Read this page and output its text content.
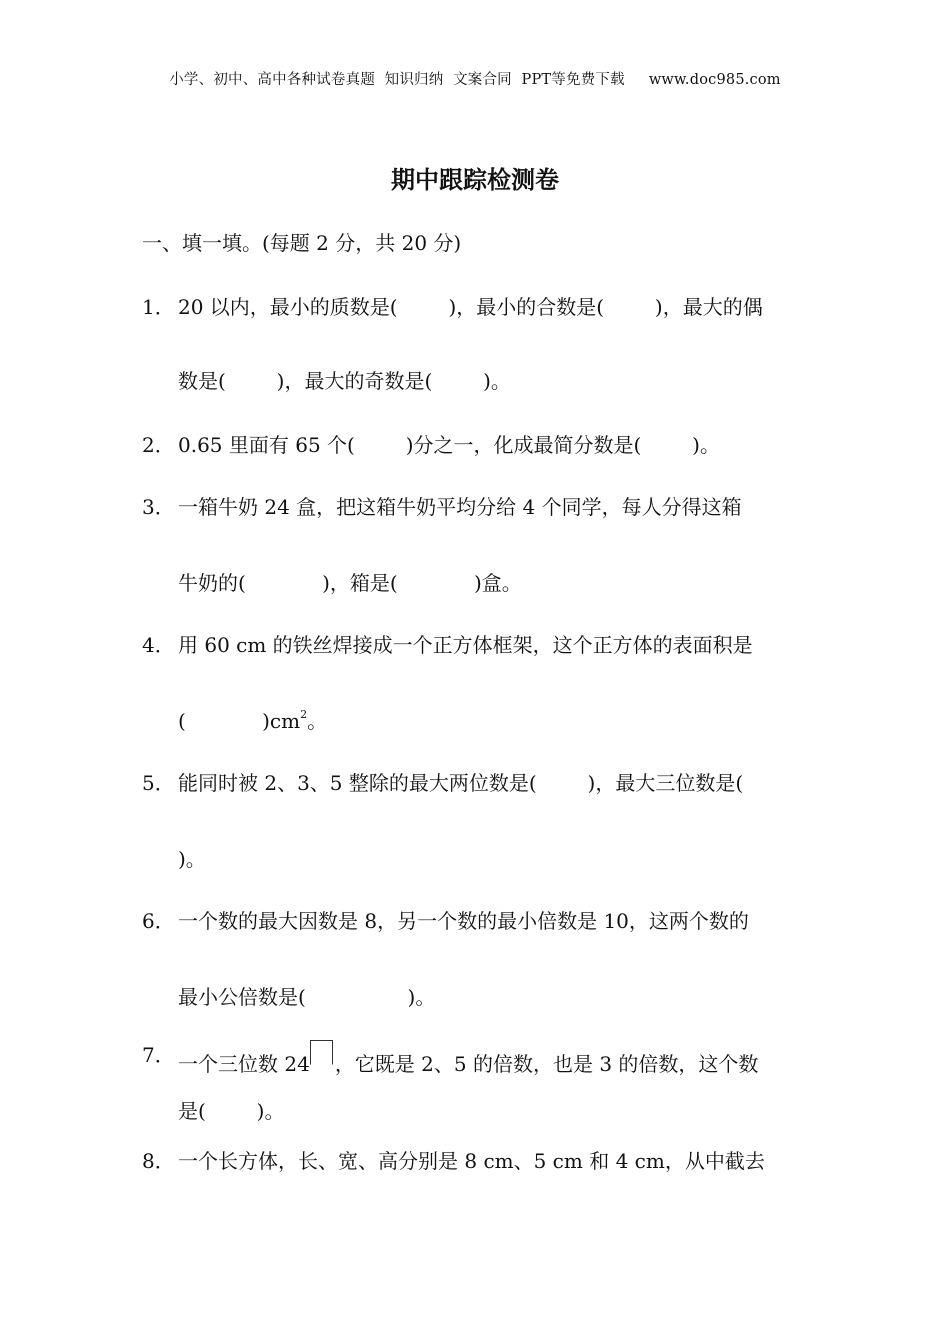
小学、初中、高中各种试卷真题  知识归纳  文案合同  PPT等免费下载     www.doc985.com
期中跟踪检测卷
一、填一填。(每题 2 分，共 20 分)
1． 20 以内，最小的质数是(        )，最小的合数是(        )，最大的偶
数是(        )，最大的奇数是(        )。
2． 0.65 里面有 65 个(        )分之一，化成最简分数是(        )。
3． 一箱牛奶 24 盒，把这箱牛奶平均分给 4 个同学，每人分得这箱
牛奶的(            )，箱是(            )盒。
4． 用 60 cm 的铁丝焊接成一个正方体框架，这个正方体的表面积是
(            )$cm^2$。
5． 能同时被 2、3、5 整除的最大两位数是(        )，最大三位数是(
)。
6． 一个数的最大因数是 8，另一个数的最小倍数是 10，这两个数的
最小公倍数是(                )。
7． 一个三位数 24 ，它既是 2、5 的倍数，也是 3 的倍数，这个数
是(        )。
8． 一个长方体，长、宽、高分别是 8 cm、5 cm 和 4 cm，从中截去
